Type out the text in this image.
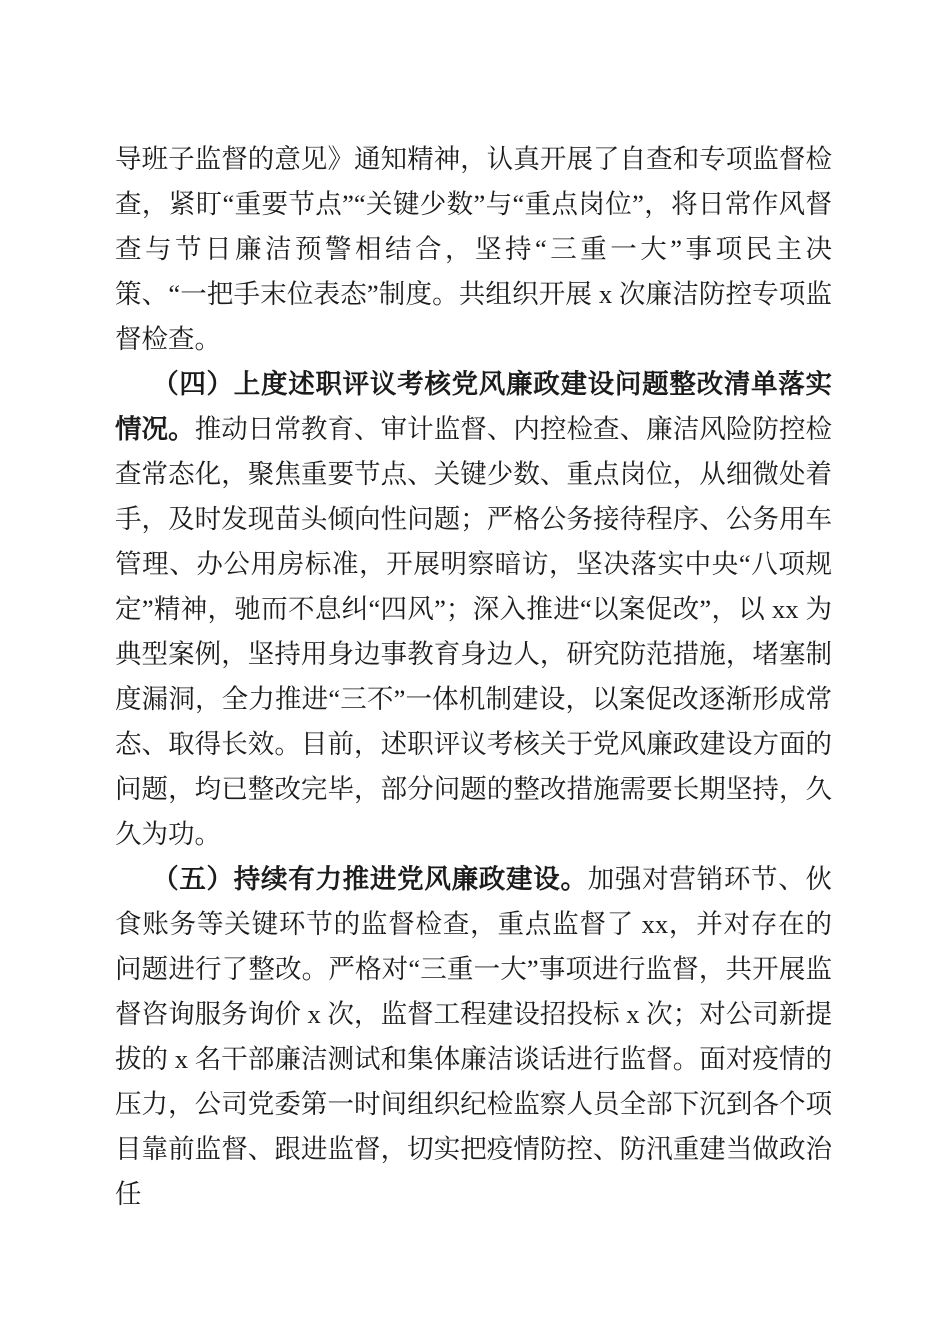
导班子监督的意见》通知精神，认真开展了自查和专项监督检查，紧盯“重要节点”“关键少数”与“重点岗位”，将日常作风督查与节日廉洁预警相结合，坚持“三重一大”事项民主决策、“一把手末位表态”制度。共组织开展 x 次廉洁防控专项监督检查。

（四）上度述职评议考核党风廉政建设问题整改清单落实情况。推动日常教育、审计监督、内控检查、廉洁风险防控检查常态化，聚焦重要节点、关键少数、重点岗位，从细微处着手，及时发现苗头倾向性问题；严格公务接待程序、公务用车管理、办公用房标准，开展明察暗访，坚决落实中央“八项规定”精神，驰而不息纠“四风”；深入推进“以案促改”，以 xx 为典型案例，坚持用身边事教育身边人，研究防范措施，堵塞制度漏洞，全力推进“三不”一体机制建设，以案促改逐渐形成常态、取得长效。目前，述职评议考核关于党风廉政建设方面的问题，均已整改完毕，部分问题的整改措施需要长期坚持，久久为功。

（五）持续有力推进党风廉政建设。加强对营销环节、伙食账务等关键环节的监督检查，重点监督了 xx，并对存在的问题进行了整改。严格对“三重一大”事项进行监督，共开展监督咨询服务询价 x 次，监督工程建设招投标 x 次；对公司新提拔的 x 名干部廉洁测试和集体廉洁谈话进行监督。面对疫情的压力，公司党委第一时间组织纪检监察人员全部下沉到各个项目靠前监督、跟进监督，切实把疫情防控、防汛重建当做政治任
